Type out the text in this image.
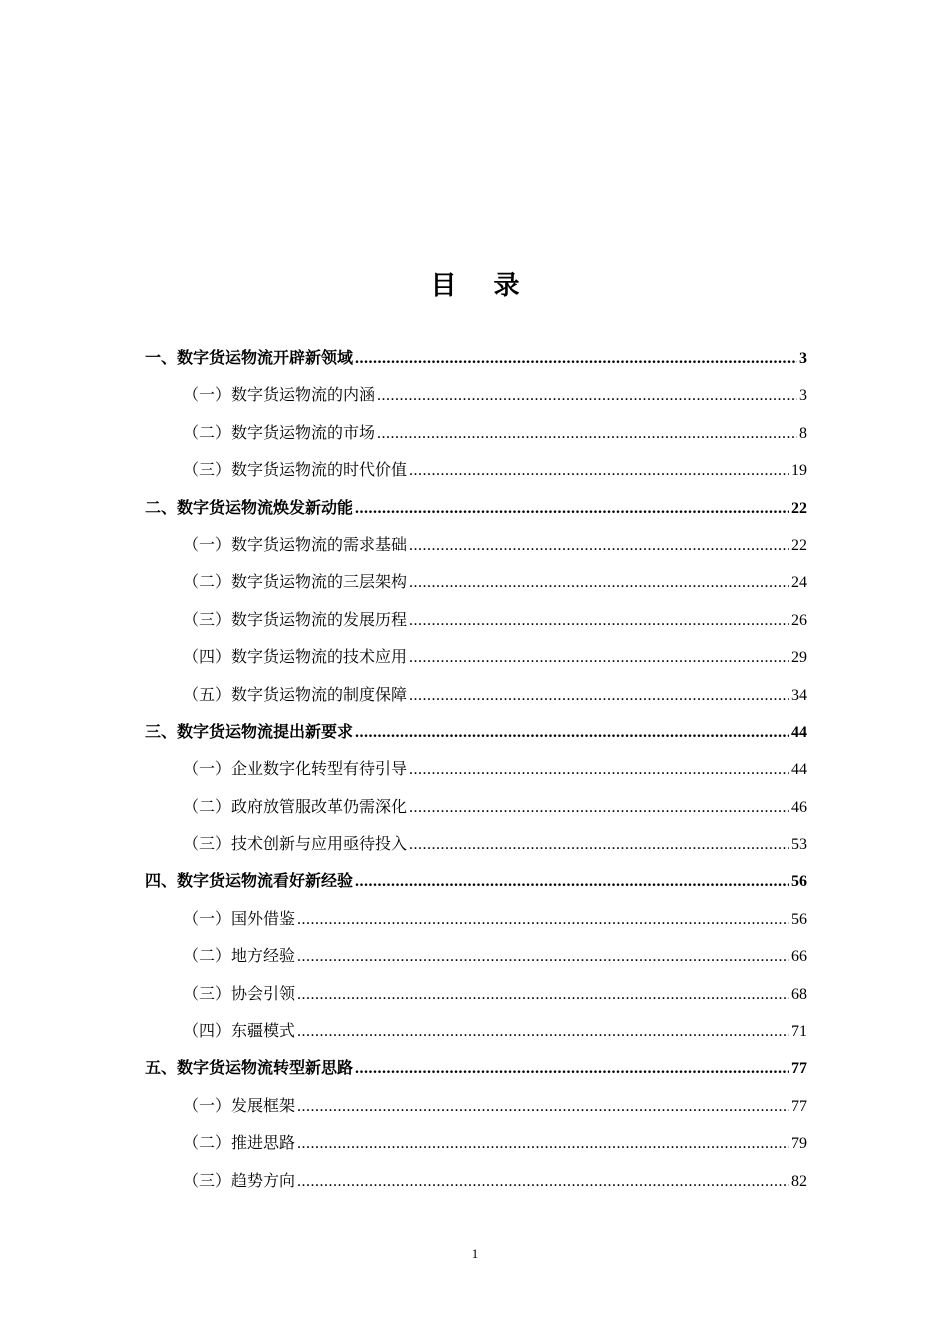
目 录
一、数字货运物流开辟新领域 .....	3
（一）数字货运物流的内涵 .....	3
（二）数字货运物流的市场 .....	8
（三）数字货运物流的时代价值 .....	19
二、数字货运物流焕发新动能 .....	22
（一）数字货运物流的需求基础 .....	22
（二）数字货运物流的三层架构 .....	24
（三）数字货运物流的发展历程 .....	26
（四）数字货运物流的技术应用 .....	29
（五）数字货运物流的制度保障 .....	34
三、数字货运物流提出新要求 .....	44
（一）企业数字化转型有待引导 .....	44
（二）政府放管服改革仍需深化 .....	46
（三）技术创新与应用亟待投入 .....	53
四、数字货运物流看好新经验 .....	56
（一）国外借鉴 .....	56
（二）地方经验 .....	66
（三）协会引领 .....	68
（四）东疆模式 .....	71
五、数字货运物流转型新思路 .....	77
（一）发展框架 .....	77
（二）推进思路 .....	79
（三）趋势方向 .....	82
1
